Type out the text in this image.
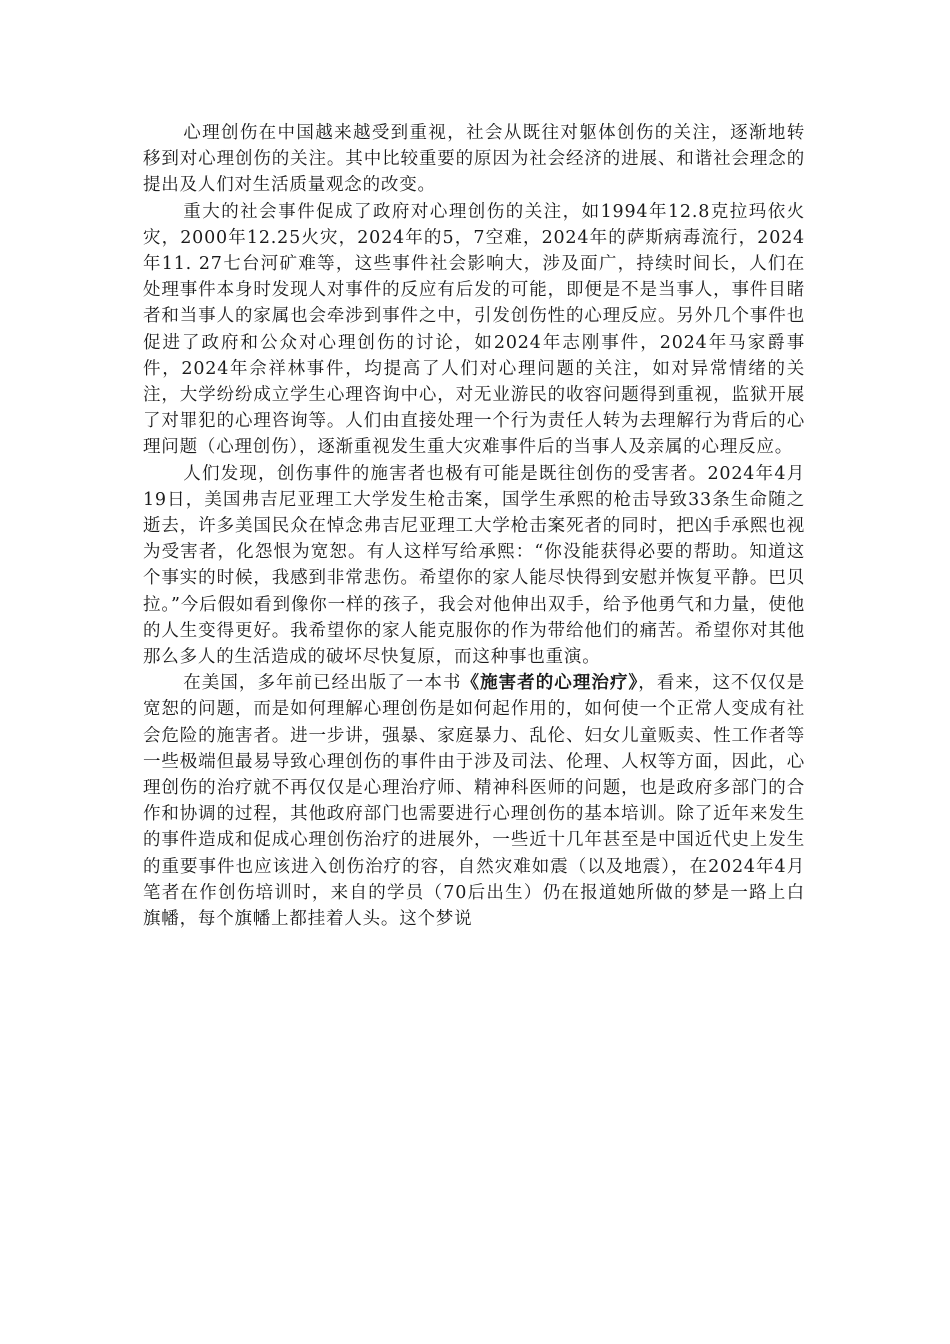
心理创伤在中国越来越受到重视，社会从既往对躯体创伤的关注，逐渐地转移到对心理创伤的关注。其中比较重要的原因为社会经济的进展、和谐社会理念的提出及人们对生活质量观念的改变。

重大的社会事件促成了政府对心理创伤的关注，如1994年12.8克拉玛依火灾，2000年12.25火灾，2024年的5，7空难，2024年的萨斯病毒流行，2024年11. 27七台河矿难等，这些事件社会影响大，涉及面广，持续时间长，人们在处理事件本身时发现人对事件的反应有后发的可能，即便是不是当事人，事件目睹者和当事人的家属也会牵涉到事件之中，引发创伤性的心理反应。另外几个事件也促进了政府和公众对心理创伤的讨论，如2024年志刚事件，2024年马家爵事件，2024年佘祥林事件，均提高了人们对心理问题的关注，如对异常情绪的关注，大学纷纷成立学生心理咨询中心，对无业游民的收容问题得到重视，监狱开展了对罪犯的心理咨询等。人们由直接处理一个行为责任人转为去理解行为背后的心理问题（心理创伤），逐渐重视发生重大灾难事件后的当事人及亲属的心理反应。

人们发现，创伤事件的施害者也极有可能是既往创伤的受害者。2024年4月19日，美国弗吉尼亚理工大学发生枪击案，国学生承熙的枪击导致33条生命随之逝去，许多美国民众在悼念弗吉尼亚理工大学枪击案死者的同时，把凶手承熙也视为受害者，化怨恨为宽恕。有人这样写给承熙：“你没能获得必要的帮助。知道这个事实的时候，我感到非常悲伤。希望你的家人能尽快得到安慰并恢复平静。巴贝拉。”今后假如看到像你一样的孩子，我会对他伸出双手，给予他勇气和力量，使他的人生变得更好。我希望你的家人能克服你的作为带给他们的痛苦。希望你对其他那么多人的生活造成的破坏尽快复原，而这种事也重演。

在美国，多年前已经出版了一本书《施害者的心理治疗》，看来，这不仅仅是宽恕的问题，而是如何理解心理创伤是如何起作用的，如何使一个正常人变成有社会危险的施害者。进一步讲，强暴、家庭暴力、乱伦、妇女儿童贩卖、性工作者等一些极端但最易导致心理创伤的事件由于涉及司法、伦理、人权等方面，因此，心理创伤的治疗就不再仅仅是心理治疗师、精神科医师的问题，也是政府多部门的合作和协调的过程，其他政府部门也需要进行心理创伤的基本培训。除了近年来发生的事件造成和促成心理创伤治疗的进展外，一些近十几年甚至是中国近代史上发生的重要事件也应该进入创伤治疗的容，自然灾难如震（以及地震），在2024年4月笔者在作创伤培训时，来自的学员（70后出生）仍在报道她所做的梦是一路上白旗幡，每个旗幡上都挂着人头。这个梦说
